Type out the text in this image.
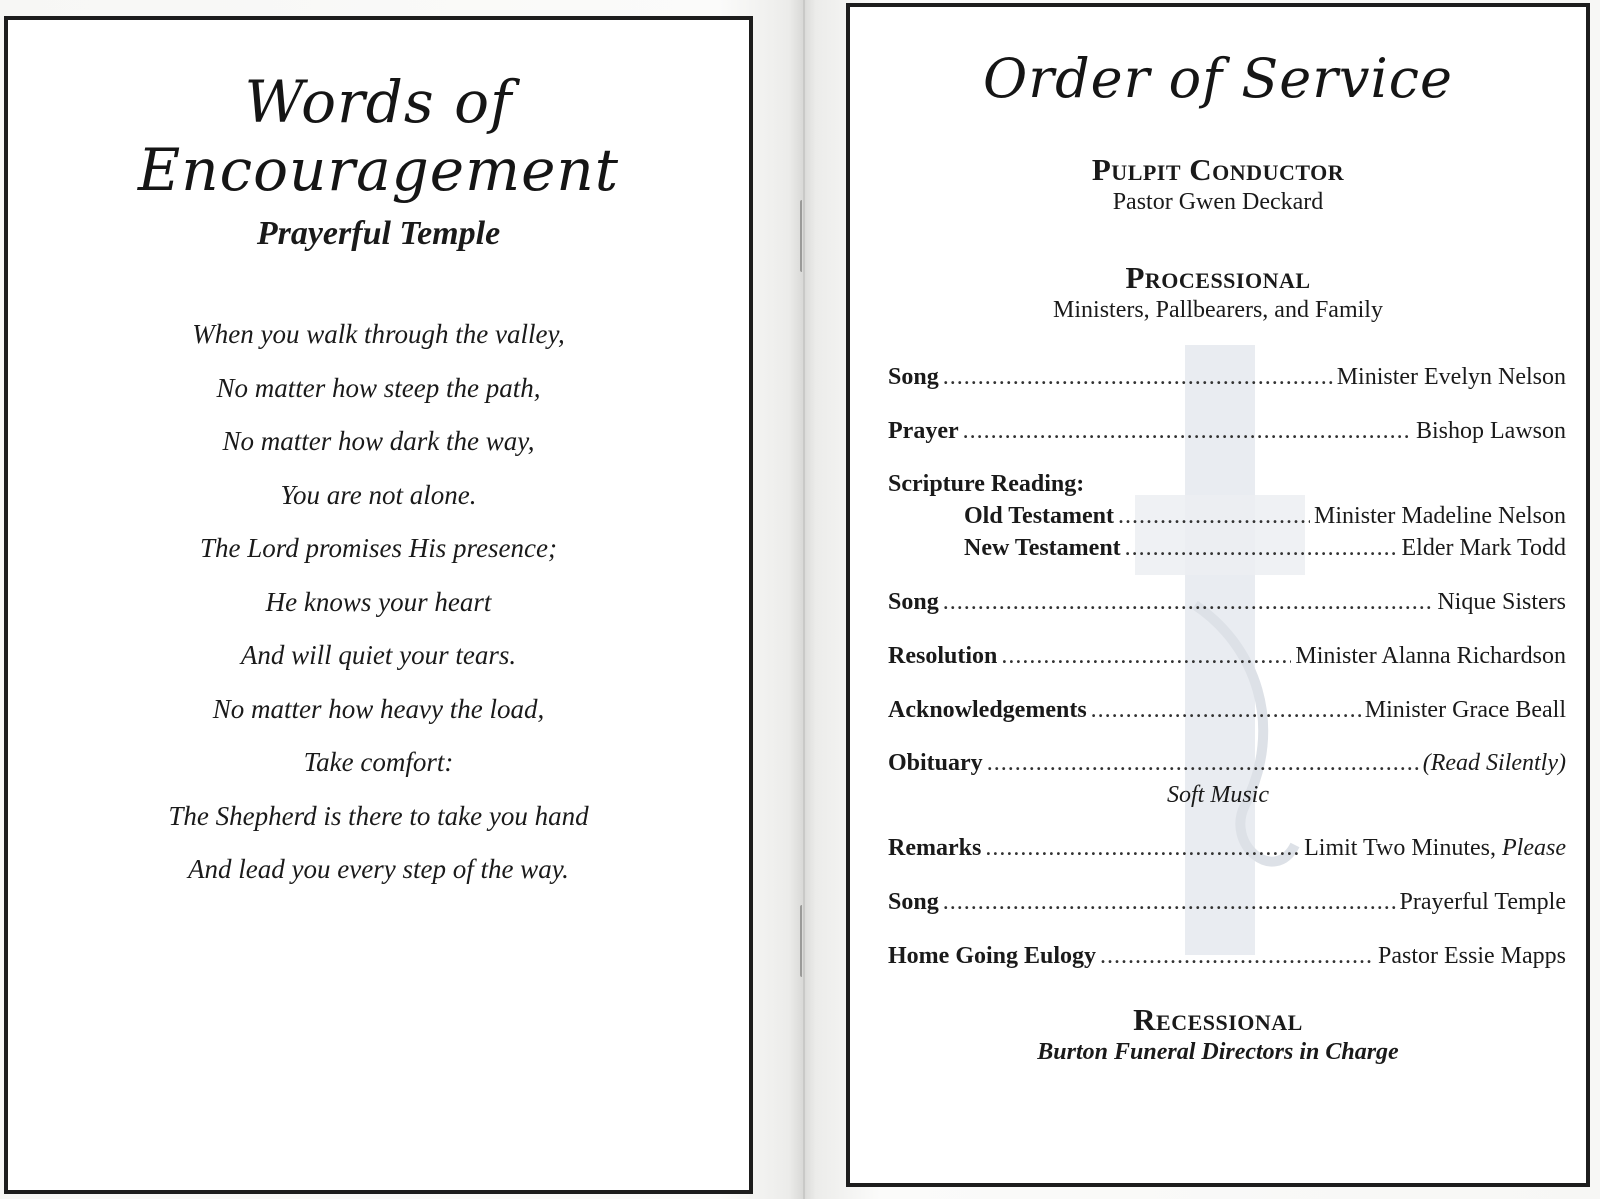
Words of Encouragement
Prayerful Temple
When you walk through the valley,
No matter how steep the path,
No matter how dark the way,
You are not alone.
The Lord promises His presence;
He knows your heart
And will quiet your tears.
No matter how heavy the load,
Take comfort:
The Shepherd is there to take you hand
And lead you every step of the way.
Order of Service
Pulpit Conductor
Pastor Gwen Deckard
Processional
Ministers, Pallbearers, and Family
Song .....	Minister Evelyn Nelson
Prayer .....	Bishop Lawson
Scripture Reading:
Old Testament .....	Minister Madeline Nelson
New Testament .....	Elder Mark Todd
Song .....	Nique Sisters
Resolution .....	Minister Alanna Richardson
Acknowledgements .....	Minister Grace Beall
Obituary .....	(Read Silently)
Soft Music
Remarks .....	Limit Two Minutes, Please
Song .....	Prayerful Temple
Home Going Eulogy .....	Pastor Essie Mapps
Recessional
Burton Funeral Directors in Charge
